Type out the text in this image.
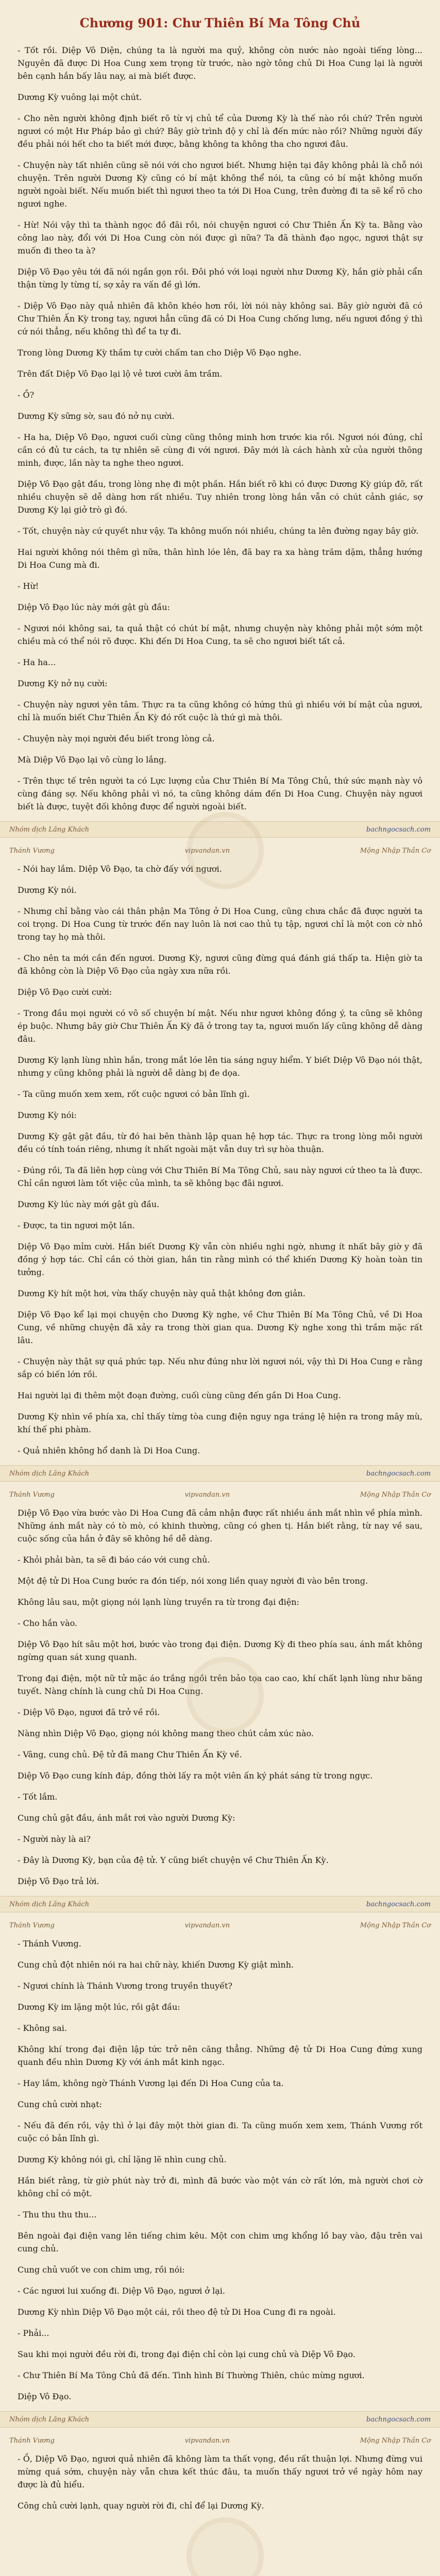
Chương 901: Chư Thiên Bí Ma Tông Chủ

- Tốt rồi. Diệp Vô Diện, chúng ta là người ma quỷ, không còn nước nào ngoài tiếng lòng... Nguyên đã được Di Hoa Cung xem trọng từ trước, nào ngờ tông chủ Di Hoa Cung lại là người bên cạnh hắn bấy lâu nay, ai mà biết được.

Dương Kỳ vuông lại một chút.

- Cho nên người không định biết rõ từ vị chủ tể của Dương Kỳ là thế nào rồi chứ? Trên người ngươi có một Hư Pháp bảo gì chứ? Bây giờ trình độ y chỉ là đến mức nào rồi? Những người đấy đều phải nói hết cho ta biết mới được, bằng không ta không tha cho ngươi đâu.

- Chuyện này tất nhiên cũng sẽ nói với cho ngươi biết. Nhưng hiện tại đây không phải là chỗ nói chuyện. Trên người Dương Kỳ cũng có bí mật không thể nói, ta cũng có bí mật không muốn người ngoài biết. Nếu muốn biết thì ngươi theo ta tới Di Hoa Cung, trên đường đi ta sẽ kể rõ cho ngươi nghe.

- Hừ! Nói vậy thì ta thành ngọc đồ đãi rồi, nói chuyện ngươi có Chư Thiên Ấn Kỳ ta. Bằng vào công lao này, đổi với Di Hoa Cung còn nói được gì nữa? Ta đã thành đạo ngọc, ngươi thật sự muốn đi theo ta à?

Diệp Vô Đạo yêu tới đã nói ngắn gọn rồi. Đôi phó với loại người như Dương Kỳ, hắn giờ phải cẩn thận từng ly từng tí, sợ xảy ra vấn đề gì lớn.

- Diệp Vô Đạo này quả nhiên đã khôn khéo hơn rồi, lời nói này không sai. Bây giờ người đã có Chư Thiên Ấn Kỳ trong tay, ngươi hẳn cũng đã có Di Hoa Cung chống lưng, nếu ngươi đồng ý thì cứ nói thẳng, nếu không thì để ta tự đi.

Trong lòng Dương Kỳ thầm tự cười chấm tan cho Diệp Vô Đạo nghe.

Trên đất Diệp Vô Đạo lại lộ vẻ tươi cười âm trầm.

- Ồ?

Dương Kỳ sững sờ, sau đó nở nụ cười.

- Ha ha, Diệp Vô Đạo, ngươi cuối cùng cũng thông minh hơn trước kia rồi. Ngươi nói đúng, chỉ cần có đủ tư cách, ta tự nhiên sẽ cùng đi với ngươi. Đây mới là cách hành xử của người thông minh, được, lần này ta nghe theo ngươi.

Diệp Vô Đạo gật đầu, trong lòng nhẹ đi một phần. Hắn biết rõ khi có được Dương Kỳ giúp đỡ, rất nhiều chuyện sẽ dễ dàng hơn rất nhiều. Tuy nhiên trong lòng hắn vẫn có chút cảnh giác, sợ Dương Kỳ lại giở trò gì đó.

- Tốt, chuyện này cứ quyết như vậy. Ta không muốn nói nhiều, chúng ta lên đường ngay bây giờ.

Hai người không nói thêm gì nữa, thân hình lóe lên, đã bay ra xa hàng trăm dặm, thẳng hướng Di Hoa Cung mà đi.

- Hừ!

Diệp Vô Đạo lúc này mới gật gù đầu:

- Ngươi nói không sai, ta quả thật có chút bí mật, nhưng chuyện này không phải một sớm một chiều mà có thể nói rõ được. Khi đến Di Hoa Cung, ta sẽ cho ngươi biết tất cả.

- Ha ha...

Dương Kỳ nở nụ cười:

- Chuyện này ngươi yên tâm. Thực ra ta cũng không có hứng thú gì nhiều với bí mật của ngươi, chỉ là muốn biết Chư Thiên Ấn Kỳ đó rốt cuộc là thứ gì mà thôi.

- Chuyện này mọi người đều biết trong lòng cả.

Mà Diệp Vô Đạo lại vô cùng lo lắng.

- Trên thực tế trên người ta có Lực lượng của Chư Thiên Bí Ma Tông Chủ, thứ sức mạnh này vô cùng đáng sợ. Nếu không phải vì nó, ta cũng không dám đến Di Hoa Cung. Chuyện này ngươi biết là được, tuyệt đối không được để người ngoài biết.

Nhóm dịch Lãng Khách	bachngocsach.com
Thánh Vương	vipvandan.vn	Mộng Nhập Thần Cơ

- Nói hay lắm. Diệp Vô Đạo, ta chờ đấy với ngươi.

Dương Kỳ nói.

- Nhưng chỉ bằng vào cái thân phận Ma Tông ở Di Hoa Cung, cũng chưa chắc đã được người ta coi trọng. Di Hoa Cung từ trước đến nay luôn là nơi cao thủ tụ tập, ngươi chỉ là một con cờ nhỏ trong tay họ mà thôi.

- Cho nên ta mới cần đến ngươi. Dương Kỳ, ngươi cũng đừng quá đánh giá thấp ta. Hiện giờ ta đã không còn là Diệp Vô Đạo của ngày xưa nữa rồi.

Diệp Vô Đạo cười cười:

- Trong đầu mọi người có vô số chuyện bí mật. Nếu như ngươi không đồng ý, ta cũng sẽ không ép buộc. Nhưng bây giờ Chư Thiên Ấn Kỳ đã ở trong tay ta, ngươi muốn lấy cũng không dễ dàng đâu.

Dương Kỳ lạnh lùng nhìn hắn, trong mắt lóe lên tia sáng nguy hiểm. Y biết Diệp Vô Đạo nói thật, nhưng y cũng không phải là người dễ dàng bị đe dọa.

- Ta cũng muốn xem xem, rốt cuộc ngươi có bản lĩnh gì.

Dương Kỳ nói:

Dương Kỳ gật gật đầu, từ đó hai bên thành lập quan hệ hợp tác. Thực ra trong lòng mỗi người đều có tính toán riêng, nhưng ít nhất ngoài mặt vẫn duy trì sự hòa thuận.

- Đúng rồi, Ta đã liên hợp cùng với Chư Thiên Bí Ma Tông Chủ, sau này ngươi cứ theo ta là được. Chỉ cần ngươi làm tốt việc của mình, ta sẽ không bạc đãi ngươi.

Dương Kỳ lúc này mới gật gù đầu.

- Được, ta tin ngươi một lần.

Diệp Vô Đạo mỉm cười. Hắn biết Dương Kỳ vẫn còn nhiều nghi ngờ, nhưng ít nhất bây giờ y đã đồng ý hợp tác. Chỉ cần có thời gian, hắn tin rằng mình có thể khiến Dương Kỳ hoàn toàn tin tưởng.

Dương Kỳ hít một hơi, vừa thấy chuyện này quả thật không đơn giản.

Diệp Vô Đạo kể lại mọi chuyện cho Dương Kỳ nghe, về Chư Thiên Bí Ma Tông Chủ, về Di Hoa Cung, về những chuyện đã xảy ra trong thời gian qua. Dương Kỳ nghe xong thì trầm mặc rất lâu.

- Chuyện này thật sự quá phức tạp. Nếu như đúng như lời ngươi nói, vậy thì Di Hoa Cung e rằng sắp có biến lớn rồi.

Hai người lại đi thêm một đoạn đường, cuối cùng cũng đến gần Di Hoa Cung.

Dương Kỳ nhìn về phía xa, chỉ thấy từng tòa cung điện nguy nga tráng lệ hiện ra trong mây mù, khí thế phi phàm.

- Quả nhiên không hổ danh là Di Hoa Cung.

Nhóm dịch Lãng Khách	bachngocsach.com
Thánh Vương	vipvandan.vn	Mộng Nhập Thần Cơ

Diệp Vô Đạo vừa bước vào Di Hoa Cung đã cảm nhận được rất nhiều ánh mắt nhìn về phía mình. Những ánh mắt này có tò mò, có khinh thường, cũng có ghen tị. Hắn biết rằng, từ nay về sau, cuộc sống của hắn ở đây sẽ không hề dễ dàng.

- Khỏi phải bàn, ta sẽ đi báo cáo với cung chủ.

Một đệ tử Di Hoa Cung bước ra đón tiếp, nói xong liền quay người đi vào bên trong.

Không lâu sau, một giọng nói lạnh lùng truyền ra từ trong đại điện:

- Cho hắn vào.

Diệp Vô Đạo hít sâu một hơi, bước vào trong đại điện. Dương Kỳ đi theo phía sau, ánh mắt không ngừng quan sát xung quanh.

Trong đại điện, một nữ tử mặc áo trắng ngồi trên bảo tọa cao cao, khí chất lạnh lùng như băng tuyết. Nàng chính là cung chủ Di Hoa Cung.

- Diệp Vô Đạo, ngươi đã trở về rồi.

Nàng nhìn Diệp Vô Đạo, giọng nói không mang theo chút cảm xúc nào.

- Vâng, cung chủ. Đệ tử đã mang Chư Thiên Ấn Kỳ về.

Diệp Vô Đạo cung kính đáp, đồng thời lấy ra một viên ấn ký phát sáng từ trong ngực.

- Tốt lắm.

Cung chủ gật đầu, ánh mắt rơi vào người Dương Kỳ:

- Người này là ai?

- Đây là Dương Kỳ, bạn của đệ tử. Y cũng biết chuyện về Chư Thiên Ấn Kỳ.

Diệp Vô Đạo trả lời.

Nhóm dịch Lãng Khách	bachngocsach.com
Thánh Vương	vipvandan.vn	Mộng Nhập Thần Cơ

- Thánh Vương.

Cung chủ đột nhiên nói ra hai chữ này, khiến Dương Kỳ giật mình.

- Ngươi chính là Thánh Vương trong truyền thuyết?

Dương Kỳ im lặng một lúc, rồi gật đầu:

- Không sai.

Không khí trong đại điện lập tức trở nên căng thẳng. Những đệ tử Di Hoa Cung đứng xung quanh đều nhìn Dương Kỳ với ánh mắt kinh ngạc.

- Hay lắm, không ngờ Thánh Vương lại đến Di Hoa Cung của ta.

Cung chủ cười nhạt:

- Nếu đã đến rồi, vậy thì ở lại đây một thời gian đi. Ta cũng muốn xem xem, Thánh Vương rốt cuộc có bản lĩnh gì.

Dương Kỳ không nói gì, chỉ lặng lẽ nhìn cung chủ.

Hắn biết rằng, từ giờ phút này trở đi, mình đã bước vào một ván cờ rất lớn, mà người chơi cờ không chỉ có một.

- Thu thu thu thu...

Bên ngoài đại điện vang lên tiếng chim kêu. Một con chim ưng khổng lồ bay vào, đậu trên vai cung chủ.

Cung chủ vuốt ve con chim ưng, rồi nói:

- Các ngươi lui xuống đi. Diệp Vô Đạo, ngươi ở lại.

Dương Kỳ nhìn Diệp Vô Đạo một cái, rồi theo đệ tử Di Hoa Cung đi ra ngoài.

- Phải...

Sau khi mọi người đều rời đi, trong đại điện chỉ còn lại cung chủ và Diệp Vô Đạo.

- Chư Thiên Bí Ma Tông Chủ đã đến. Tình hình Bí Thường Thiên, chúc mừng ngươi.

Diệp Vô Đạo.

Nhóm dịch Lãng Khách	bachngocsach.com
Thánh Vương	vipvandan.vn	Mộng Nhập Thần Cơ

- Ồ, Diệp Vô Đạo, ngươi quả nhiên đã không làm ta thất vọng, đều rất thuận lợi. Nhưng đừng vui mừng quá sớm, chuyện này vẫn chưa kết thúc đâu, ta muốn thấy ngươi trở về ngày hôm nay được là đủ hiểu.

Công chủ cười lạnh, quay người rời đi, chỉ để lại Dương Kỳ.
